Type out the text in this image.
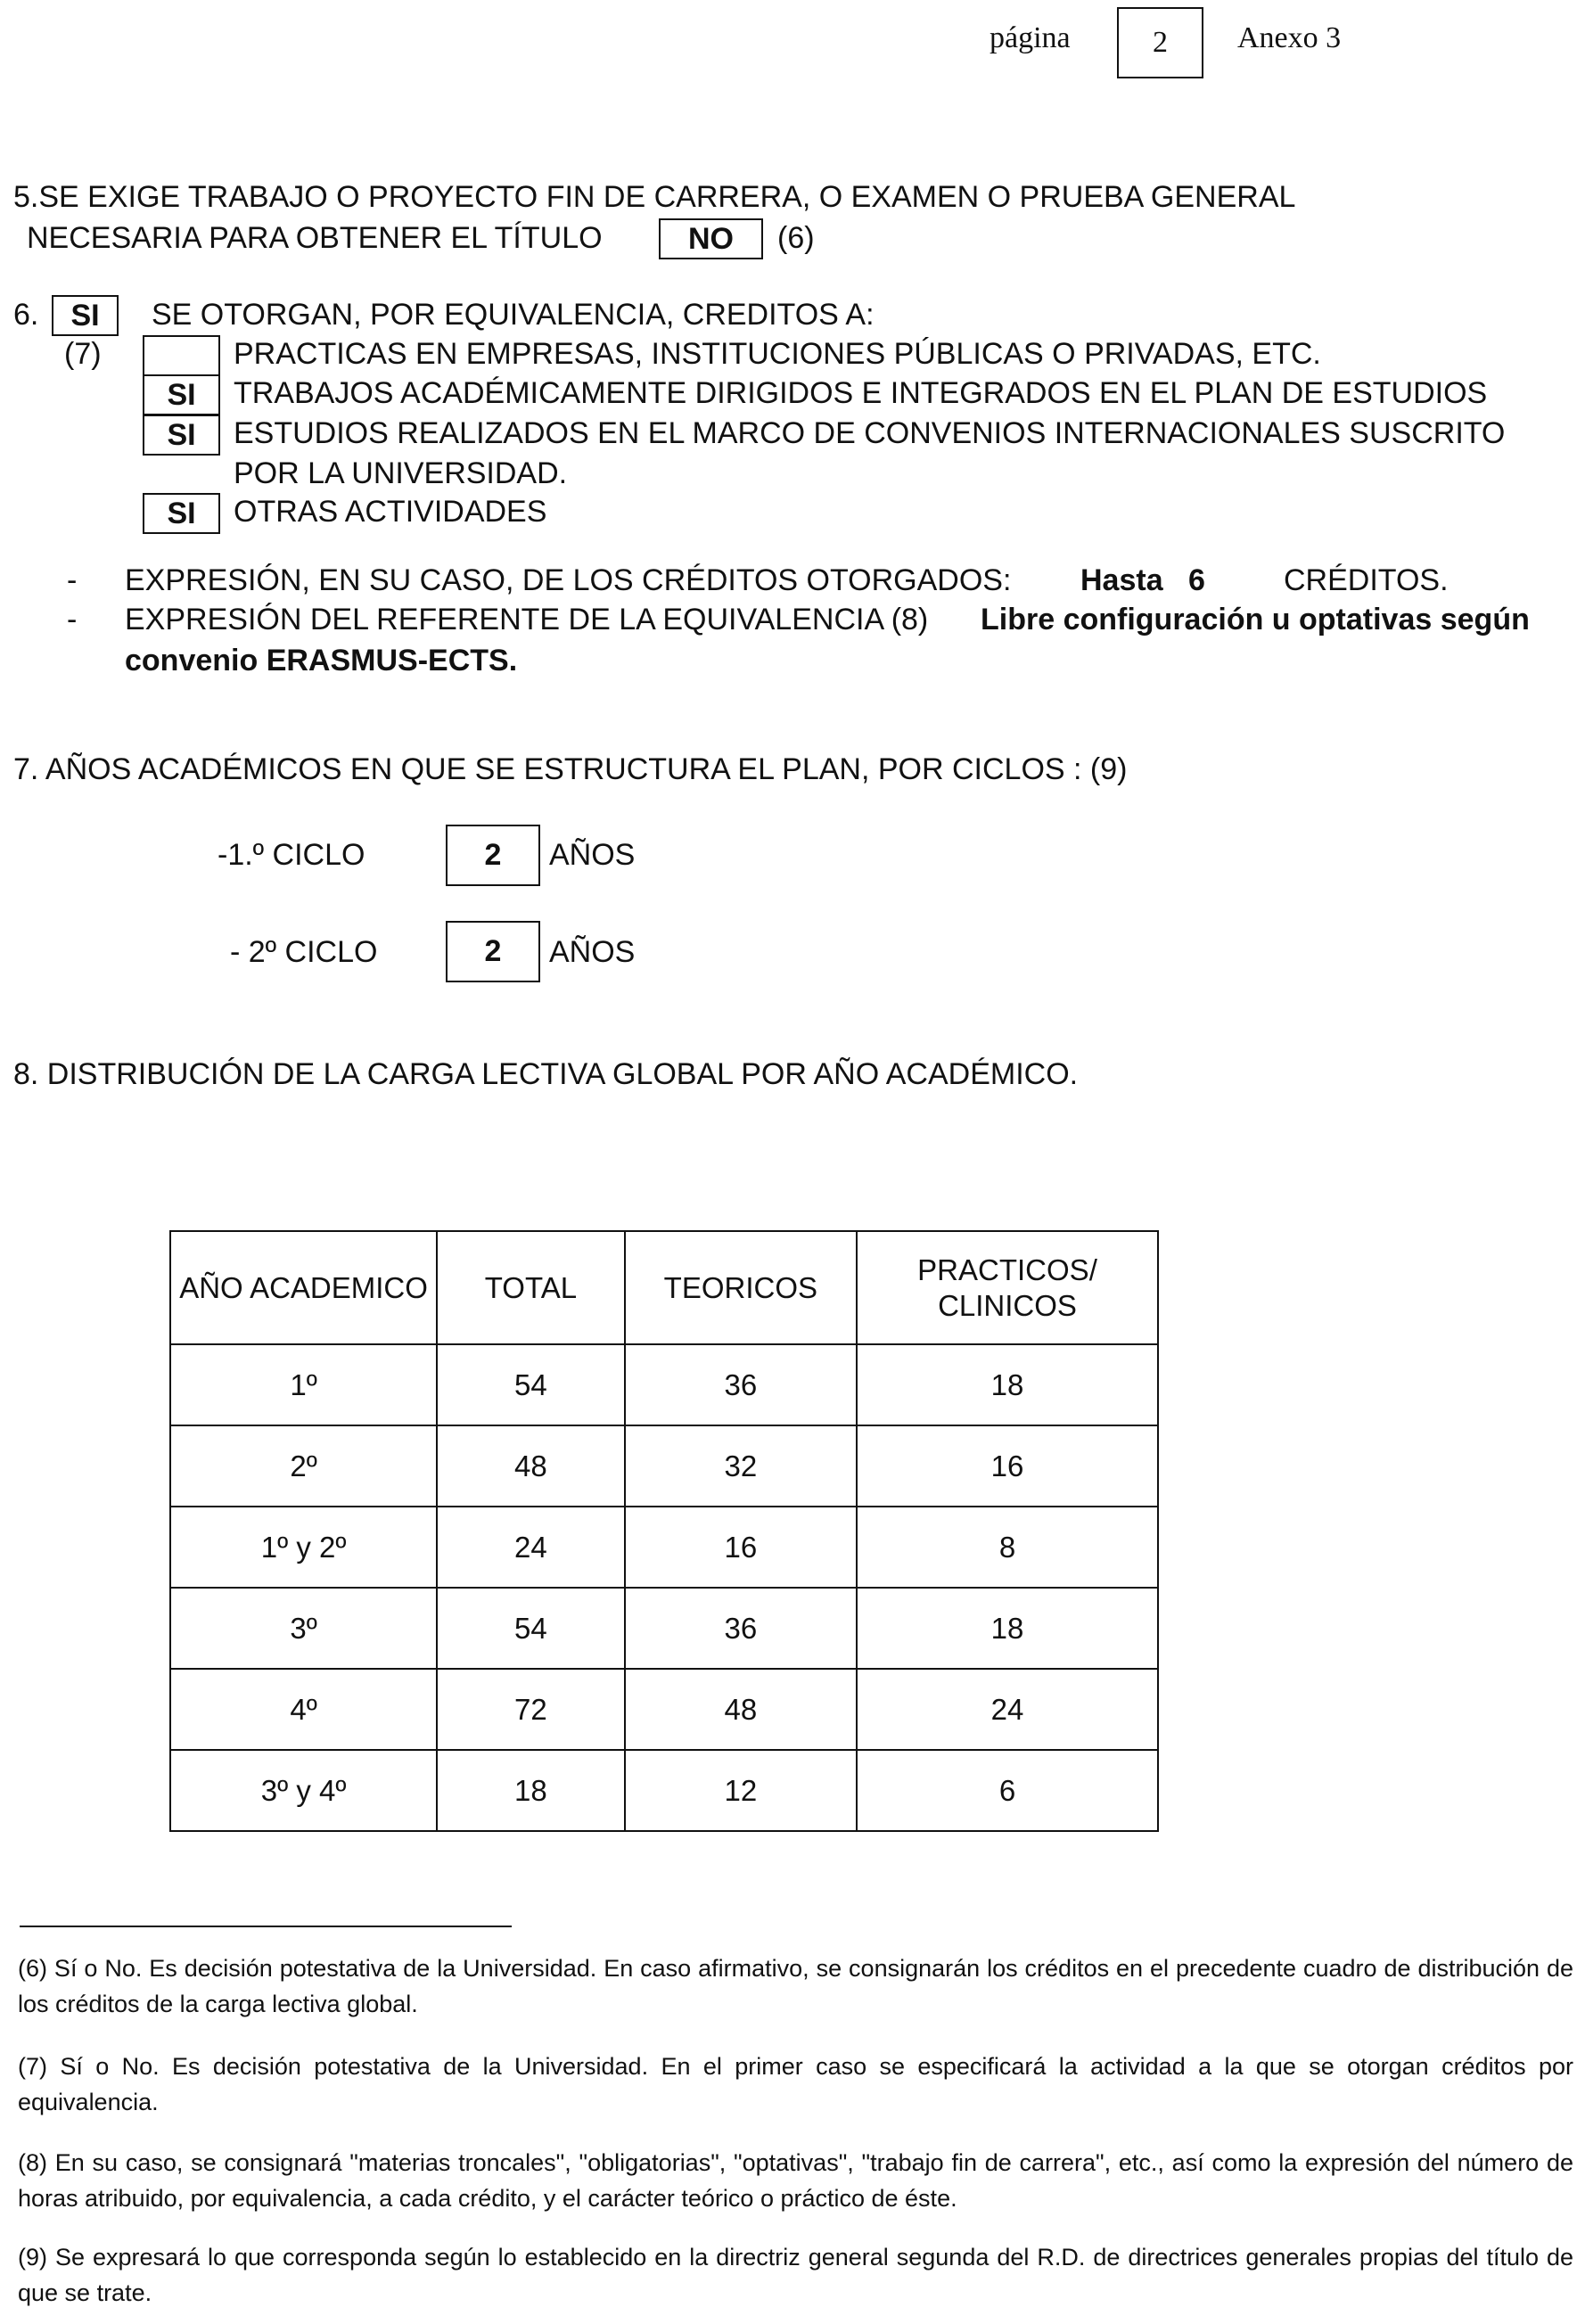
página	2	Anexo 3
5.SE EXIGE TRABAJO O PROYECTO FIN DE CARRERA, O EXAMEN O PRUEBA GENERAL
NECESARIA PARA OBTENER EL TÍTULO	NO	(6)
6.	SI	SE OTORGAN, POR EQUIVALENCIA, CREDITOS A:
(7)	PRACTICAS EN EMPRESAS, INSTITUCIONES PÚBLICAS O PRIVADAS, ETC.
SI	TRABAJOS ACADÉMICAMENTE DIRIGIDOS E INTEGRADOS EN EL PLAN DE ESTUDIOS
SI	ESTUDIOS REALIZADOS EN EL MARCO DE CONVENIOS INTERNACIONALES SUSCRITO
POR LA UNIVERSIDAD.
SI	OTRAS ACTIVIDADES
- EXPRESIÓN, EN SU CASO, DE LOS CRÉDITOS OTORGADOS: Hasta   6	CRÉDITOS.
- EXPRESIÓN DEL REFERENTE DE LA EQUIVALENCIA (8) Libre configuración u optativas según
convenio ERASMUS-ECTS.
7. AÑOS ACADÉMICOS EN QUE SE ESTRUCTURA EL PLAN, POR CICLOS : (9)
-1.º CICLO	2	AÑOS
- 2º CICLO	2	AÑOS
8. DISTRIBUCIÓN DE LA CARGA LECTIVA GLOBAL POR AÑO ACADÉMICO.
AÑO ACADEMICO	TOTAL	TEORICOS	PRACTICOS/ CLINICOS
1º	54	36	18
2º	48	32	16
1º y 2º	24	16	8
3º	54	36	18
4º	72	48	24
3º y 4º	18	12	6
(6) Sí o No. Es decisión potestativa de la Universidad. En caso afirmativo, se consignarán los créditos en el precedente cuadro de distribución de los créditos de la carga lectiva global.
(7) Sí o No. Es decisión potestativa de la Universidad. En el primer caso se especificará la actividad a la que se otorgan créditos por equivalencia.
(8) En su caso, se consignará "materias troncales", "obligatorias", "optativas", "trabajo fin de carrera", etc., así como la expresión del número de horas atribuido, por equivalencia, a cada crédito, y el carácter teórico o práctico de éste.
(9) Se expresará lo que corresponda según lo establecido en la directriz general segunda del R.D. de directrices generales propias del título de que se trate.
